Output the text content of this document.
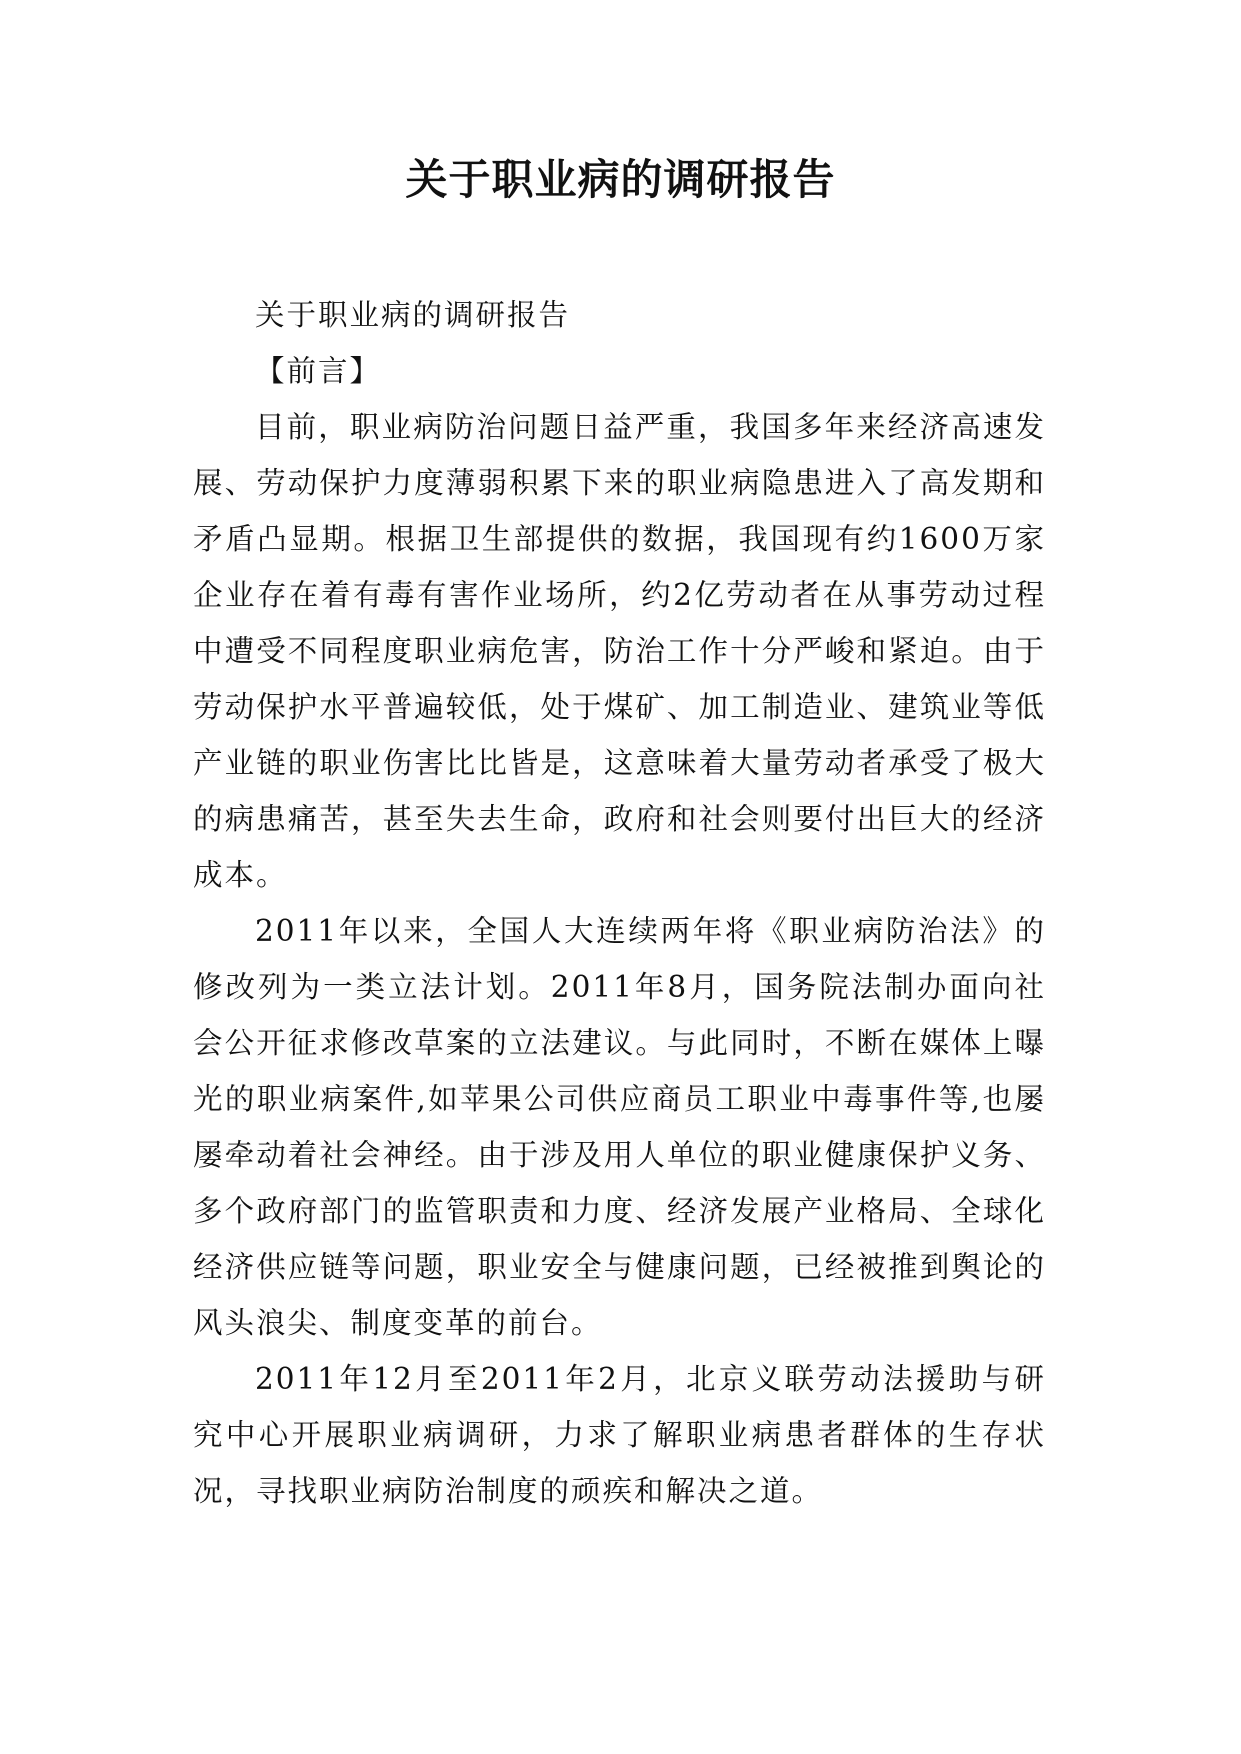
关于职业病的调研报告

关于职业病的调研报告

【前言】

目前，职业病防治问题日益严重，我国多年来经济高速发展、劳动保护力度薄弱积累下来的职业病隐患进入了高发期和矛盾凸显期。根据卫生部提供的数据，我国现有约1600万家企业存在着有毒有害作业场所，约2亿劳动者在从事劳动过程中遭受不同程度职业病危害，防治工作十分严峻和紧迫。由于劳动保护水平普遍较低，处于煤矿、加工制造业、建筑业等低产业链的职业伤害比比皆是，这意味着大量劳动者承受了极大的病患痛苦，甚至失去生命，政府和社会则要付出巨大的经济成本。

2011年以来，全国人大连续两年将《职业病防治法》的修改列为一类立法计划。2011年8月，国务院法制办面向社会公开征求修改草案的立法建议。与此同时，不断在媒体上曝光的职业病案件,如苹果公司供应商员工职业中毒事件等,也屡屡牵动着社会神经。由于涉及用人单位的职业健康保护义务、多个政府部门的监管职责和力度、经济发展产业格局、全球化经济供应链等问题，职业安全与健康问题，已经被推到舆论的风头浪尖、制度变革的前台。

2011年12月至2011年2月，北京义联劳动法援助与研究中心开展职业病调研，力求了解职业病患者群体的生存状况，寻找职业病防治制度的顽疾和解决之道。
